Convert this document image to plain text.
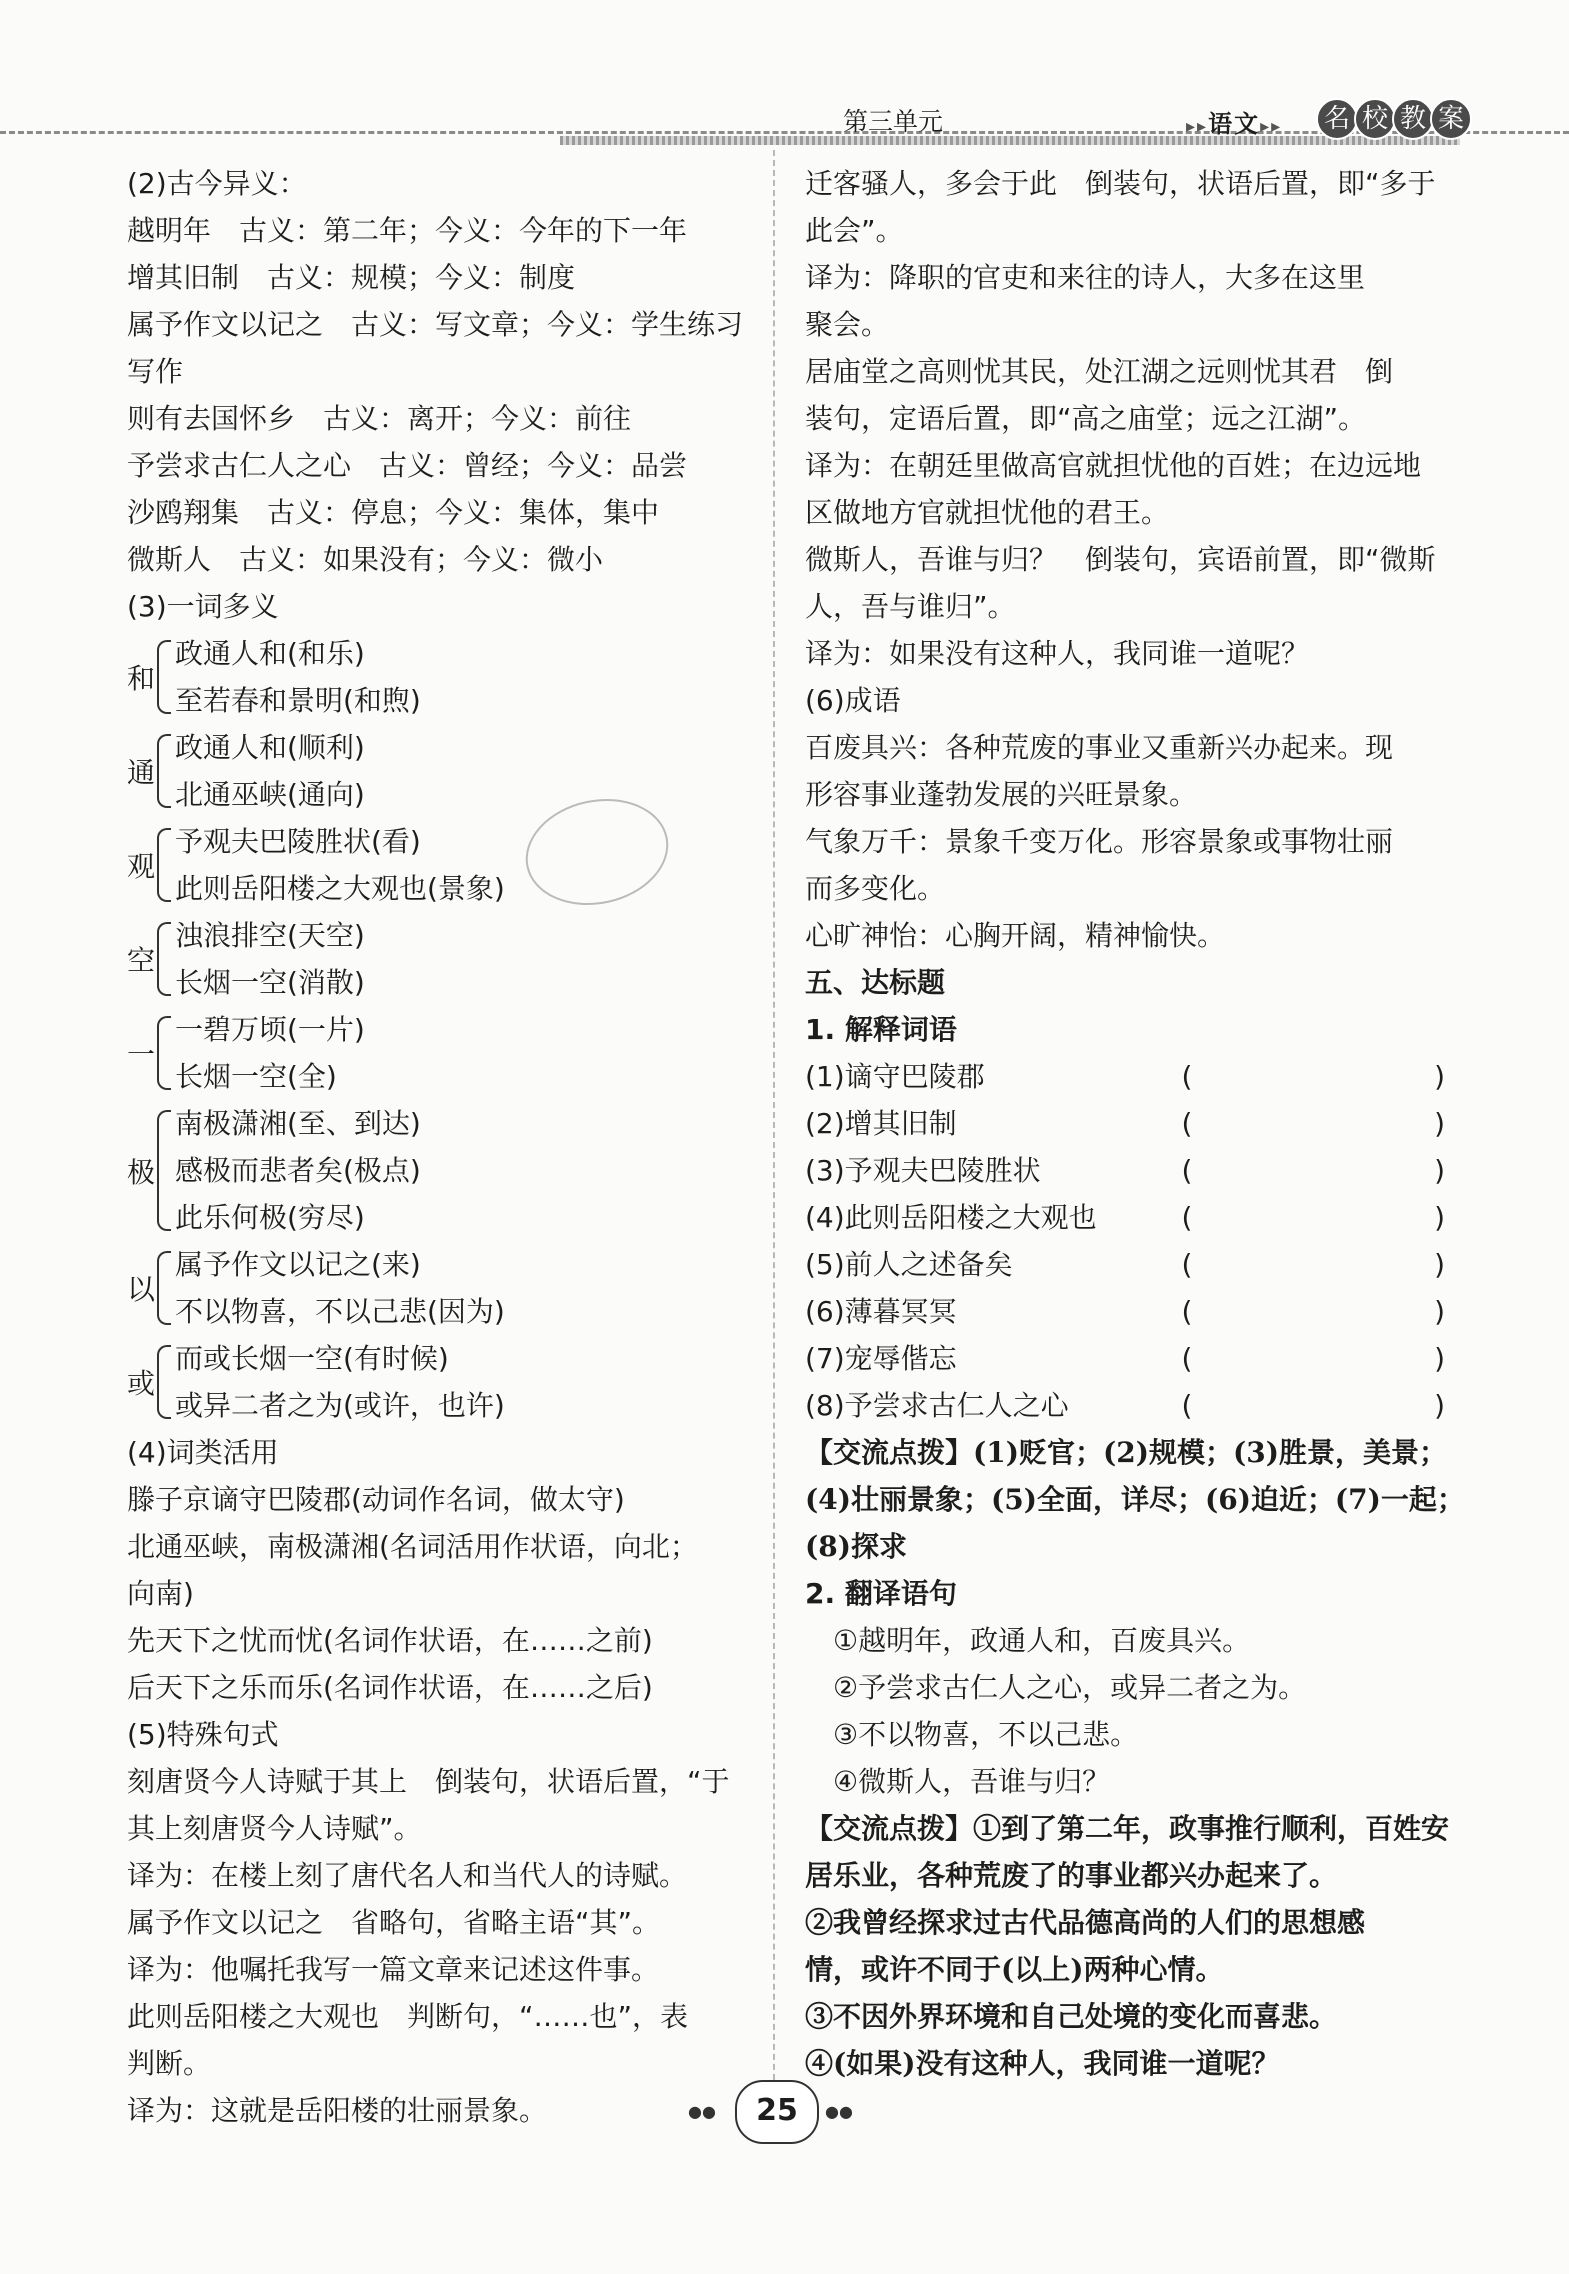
第三单元	▸▸语文▸▸	名 校 教 案
(2)古今异义：
越明年　古义：第二年；今义：今年的下一年
增其旧制　古义：规模；今义：制度
属予作文以记之　古义：写文章；今义：学生练习
写作
则有去国怀乡　古义：离开；今义：前往
予尝求古仁人之心　古义：曾经；今义：品尝
沙鸥翔集　古义：停息；今义：集体，集中
微斯人　古义：如果没有；今义：微小
(3)一词多义
和
政通人和(和乐)
至若春和景明(和煦)
通
政通人和(顺利)
北通巫峡(通向)
观
予观夫巴陵胜状(看)
此则岳阳楼之大观也(景象)
空
浊浪排空(天空)
长烟一空(消散)
一
一碧万顷(一片)
长烟一空(全)
极
南极潇湘(至、到达)
感极而悲者矣(极点)
此乐何极(穷尽)
以
属予作文以记之(来)
不以物喜，不以己悲(因为)
或
而或长烟一空(有时候)
或异二者之为(或许，也许)
(4)词类活用
滕子京谪守巴陵郡(动词作名词，做太守)
北通巫峡，南极潇湘(名词活用作状语，向北；
向南)
先天下之忧而忧(名词作状语，在……之前)
后天下之乐而乐(名词作状语，在……之后)
(5)特殊句式
刻唐贤今人诗赋于其上　倒装句，状语后置，“于
其上刻唐贤今人诗赋”。
译为：在楼上刻了唐代名人和当代人的诗赋。
属予作文以记之　省略句，省略主语“其”。
译为：他嘱托我写一篇文章来记述这件事。
此则岳阳楼之大观也　判断句，“……也”，表
判断。
译为：这就是岳阳楼的壮丽景象。
迁客骚人，多会于此　倒装句，状语后置，即“多于
此会”。
译为：降职的官吏和来往的诗人，大多在这里
聚会。
居庙堂之高则忧其民，处江湖之远则忧其君　倒
装句，定语后置，即“高之庙堂；远之江湖”。
译为：在朝廷里做高官就担忧他的百姓；在边远地
区做地方官就担忧他的君王。
微斯人，吾谁与归？　倒装句，宾语前置，即“微斯
人，吾与谁归”。
译为：如果没有这种人，我同谁一道呢？
(6)成语
百废具兴：各种荒废的事业又重新兴办起来。现
形容事业蓬勃发展的兴旺景象。
气象万千：景象千变万化。形容景象或事物壮丽
而多变化。
心旷神怡：心胸开阔，精神愉快。
五、达标题
1. 解释词语
(1)谪守巴陵郡	(	)
(2)增其旧制	(	)
(3)予观夫巴陵胜状	(	)
(4)此则岳阳楼之大观也	(	)
(5)前人之述备矣	(	)
(6)薄暮冥冥	(	)
(7)宠辱偕忘	(	)
(8)予尝求古仁人之心	(	)
【交流点拨】(1)贬官；(2)规模；(3)胜景，美景；
(4)壮丽景象；(5)全面，详尽；(6)迫近；(7)一起；
(8)探求
2. 翻译语句
①越明年，政通人和，百废具兴。
②予尝求古仁人之心，或异二者之为。
③不以物喜，不以己悲。
④微斯人，吾谁与归？
【交流点拨】①到了第二年，政事推行顺利，百姓安
居乐业，各种荒废了的事业都兴办起来了。
②我曾经探求过古代品德高尚的人们的思想感
情，或许不同于(以上)两种心情。
③不因外界环境和自己处境的变化而喜悲。
④(如果)没有这种人，我同谁一道呢？
●●	25	●●
